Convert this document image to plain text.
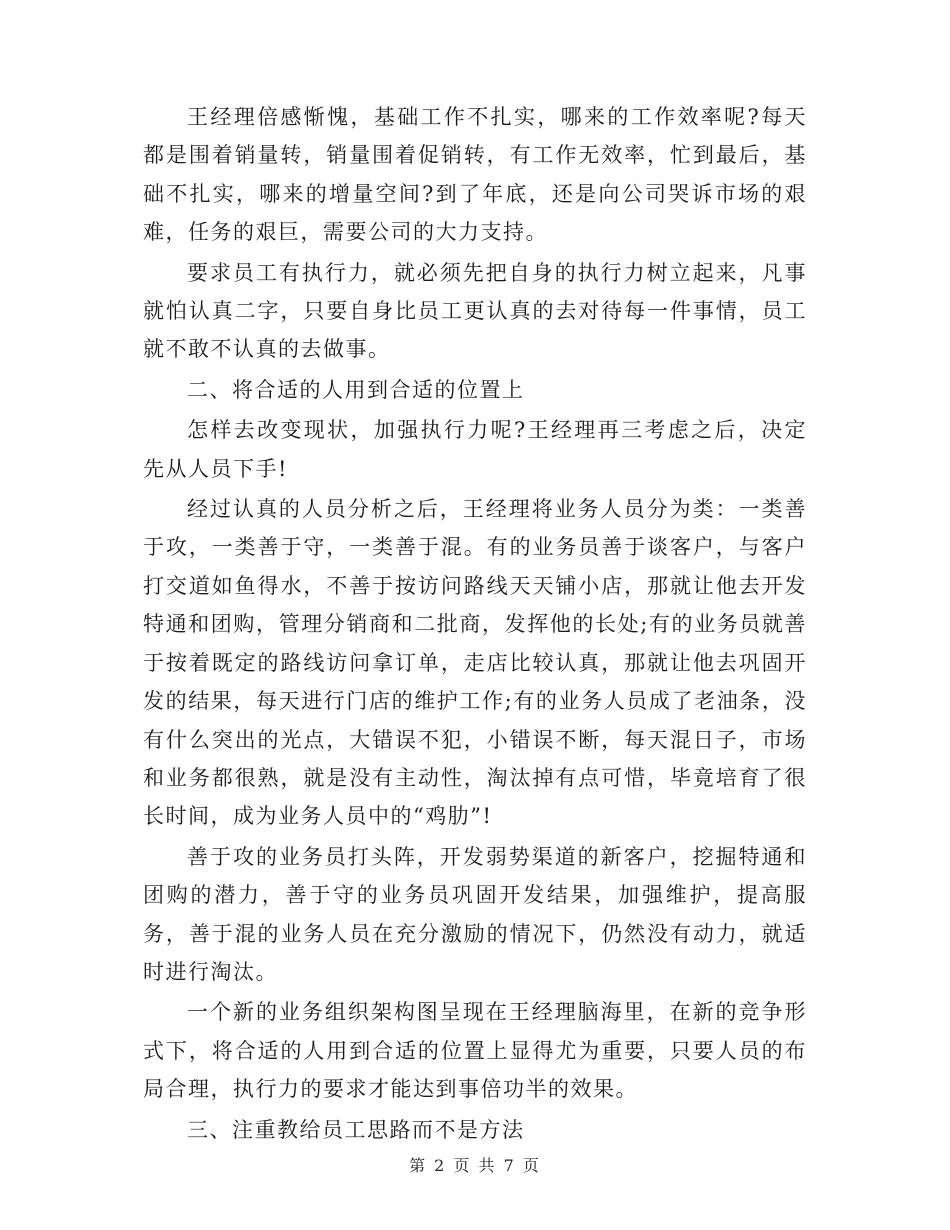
王经理倍感惭愧，基础工作不扎实，哪来的工作效率呢?每天都是围着销量转，销量围着促销转，有工作无效率，忙到最后，基础不扎实，哪来的增量空间?到了年底，还是向公司哭诉市场的艰难，任务的艰巨，需要公司的大力支持。

要求员工有执行力，就必须先把自身的执行力树立起来，凡事就怕认真二字，只要自身比员工更认真的去对待每一件事情，员工就不敢不认真的去做事。

二、将合适的人用到合适的位置上

怎样去改变现状，加强执行力呢?王经理再三考虑之后，决定先从人员下手!

经过认真的人员分析之后，王经理将业务人员分为类：一类善于攻，一类善于守，一类善于混。有的业务员善于谈客户，与客户打交道如鱼得水，不善于按访问路线天天铺小店，那就让他去开发特通和团购，管理分销商和二批商，发挥他的长处;有的业务员就善于按着既定的路线访问拿订单，走店比较认真，那就让他去巩固开发的结果，每天进行门店的维护工作;有的业务人员成了老油条，没有什么突出的光点，大错误不犯，小错误不断，每天混日子，市场和业务都很熟，就是没有主动性，淘汰掉有点可惜，毕竟培育了很长时间，成为业务人员中的“鸡肋”!

善于攻的业务员打头阵，开发弱势渠道的新客户，挖掘特通和团购的潜力，善于守的业务员巩固开发结果，加强维护，提高服务，善于混的业务人员在充分激励的情况下，仍然没有动力，就适时进行淘汰。

一个新的业务组织架构图呈现在王经理脑海里，在新的竞争形式下，将合适的人用到合适的位置上显得尤为重要，只要人员的布局合理，执行力的要求才能达到事倍功半的效果。

三、注重教给员工思路而不是方法

第 2 页 共 7 页
